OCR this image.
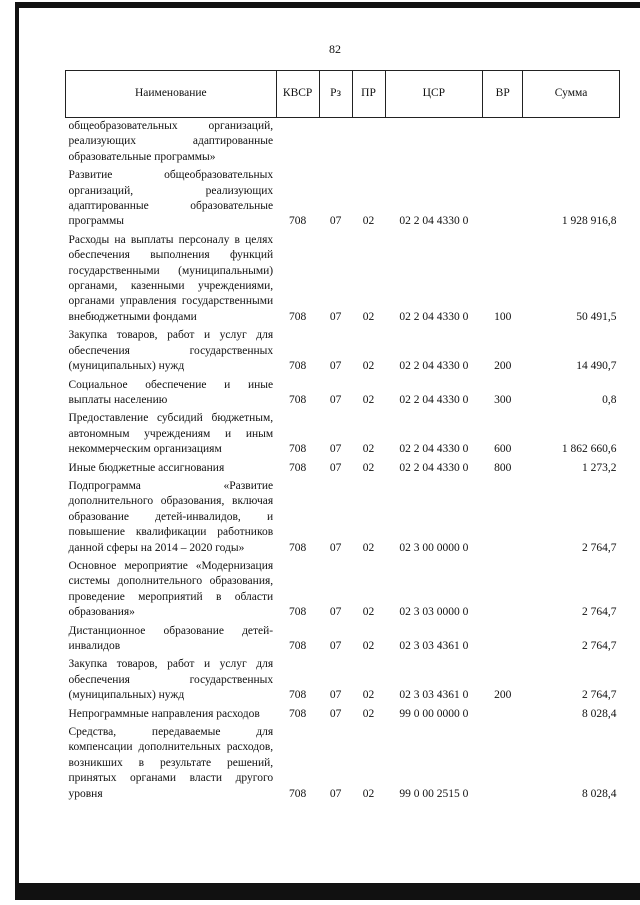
82
Наименование	КВСР	Рз	ПР	ЦСР	ВР	Сумма
общеобразовательных организаций, реализующих адаптированные образовательные программы»						
Развитие общеобразовательных организаций, реализующих адаптированные образовательные программы	708	07	02	02 2 04 4330 0		1 928 916,8
Расходы на выплаты персоналу в целях обеспечения выполнения функций государственными (муниципальными) органами, казенными учреждениями, органами управления государственными внебюджетными фондами	708	07	02	02 2 04 4330 0	100	50 491,5
Закупка товаров, работ и услуг для обеспечения государственных (муниципальных) нужд	708	07	02	02 2 04 4330 0	200	14 490,7
Социальное обеспечение и иные выплаты населению	708	07	02	02 2 04 4330 0	300	0,8
Предоставление субсидий бюджетным, автономным учреждениям и иным некоммерческим организациям	708	07	02	02 2 04 4330 0	600	1 862 660,6
Иные бюджетные ассигнования	708	07	02	02 2 04 4330 0	800	1 273,2
Подпрограмма «Развитие дополнительного образования, включая образование детей-инвалидов, и повышение квалификации работников данной сферы на 2014 – 2020 годы»	708	07	02	02 3 00 0000 0		2 764,7
Основное мероприятие «Модернизация системы дополнительного образования, проведение мероприятий в области образования»	708	07	02	02 3 03 0000 0		2 764,7
Дистанционное образование детей-инвалидов	708	07	02	02 3 03 4361 0		2 764,7
Закупка товаров, работ и услуг для обеспечения государственных (муниципальных) нужд	708	07	02	02 3 03 4361 0	200	2 764,7
Непрограммные направления расходов	708	07	02	99 0 00 0000 0		8 028,4
Средства, передаваемые для компенсации дополнительных расходов, возникших в результате решений, принятых органами власти другого уровня	708	07	02	99 0 00 2515 0		8 028,4
